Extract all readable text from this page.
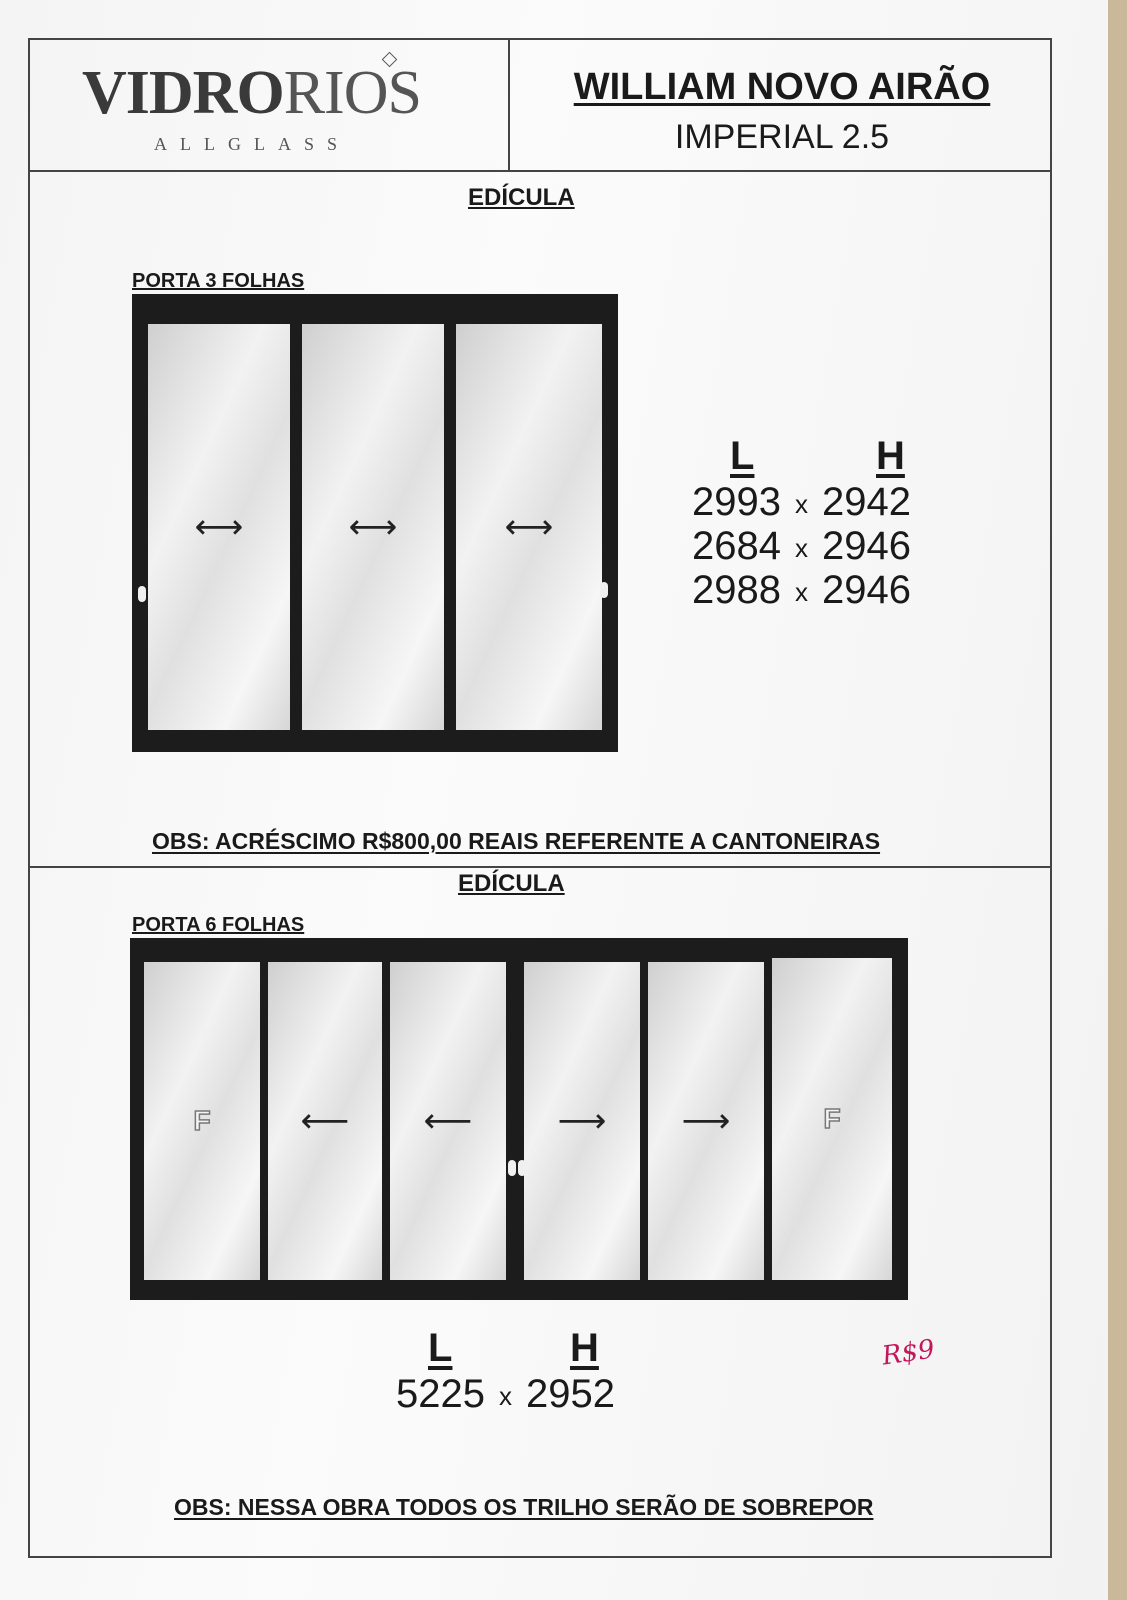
VIDRORIOS
ALLGLASS
WILLIAM NOVO AIRÃO
IMPERIAL 2.5
EDÍCULA
PORTA 3 FOLHAS
⟷	⟷	⟷
L	H
2993 x 2942
2684 x 2946
2988 x 2946
OBS: ACRÉSCIMO R$800,00 REAIS REFERENTE A CANTONEIRAS
EDÍCULA
PORTA 6 FOLHAS
F	⟵ ⟵	⟶ ⟶	F
L	H
5225 x 2952
OBS: NESSA OBRA TODOS OS TRILHO SERÃO DE SOBREPOR
R$9
